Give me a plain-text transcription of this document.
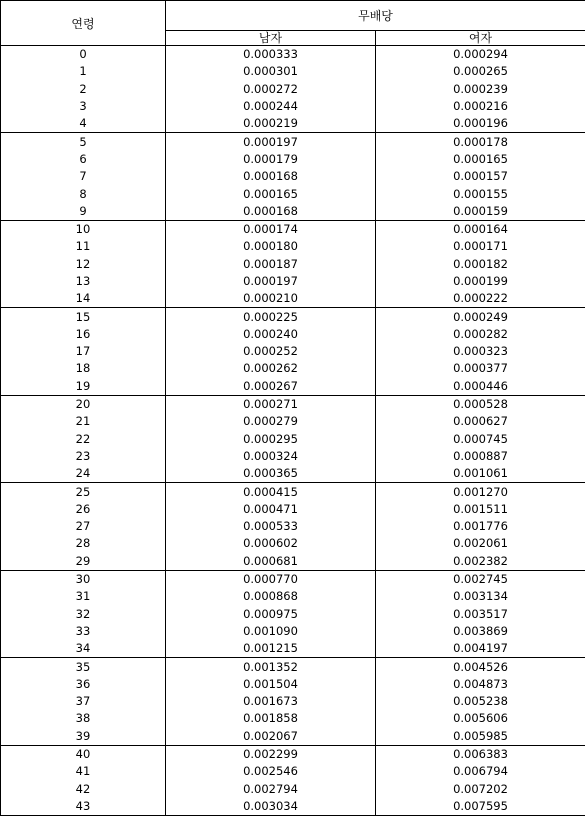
연령	무배당	
	남자	여자
0	0.000333	0.000294
1	0.000301	0.000265
2	0.000272	0.000239
3	0.000244	0.000216
4	0.000219	0.000196
5	0.000197	0.000178
6	0.000179	0.000165
7	0.000168	0.000157
8	0.000165	0.000155
9	0.000168	0.000159
10	0.000174	0.000164
11	0.000180	0.000171
12	0.000187	0.000182
13	0.000197	0.000199
14	0.000210	0.000222
15	0.000225	0.000249
16	0.000240	0.000282
17	0.000252	0.000323
18	0.000262	0.000377
19	0.000267	0.000446
20	0.000271	0.000528
21	0.000279	0.000627
22	0.000295	0.000745
23	0.000324	0.000887
24	0.000365	0.001061
25	0.000415	0.001270
26	0.000471	0.001511
27	0.000533	0.001776
28	0.000602	0.002061
29	0.000681	0.002382
30	0.000770	0.002745
31	0.000868	0.003134
32	0.000975	0.003517
33	0.001090	0.003869
34	0.001215	0.004197
35	0.001352	0.004526
36	0.001504	0.004873
37	0.001673	0.005238
38	0.001858	0.005606
39	0.002067	0.005985
40	0.002299	0.006383
41	0.002546	0.006794
42	0.002794	0.007202
43	0.003034	0.007595
